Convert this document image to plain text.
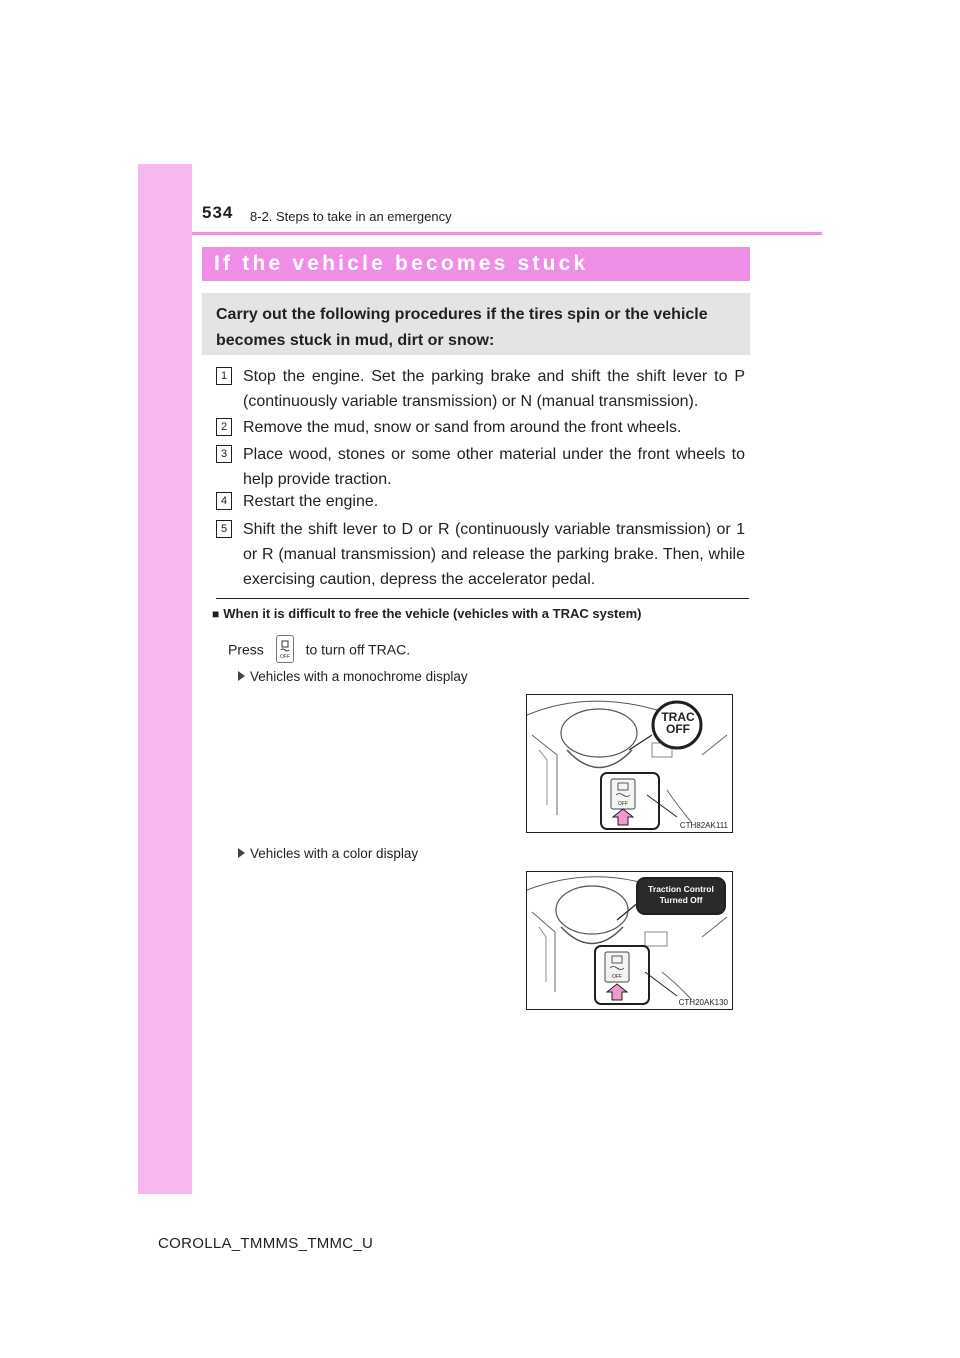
534 8-2. Steps to take in an emergency
If the vehicle becomes stuck
Carry out the following procedures if the tires spin or the vehicle becomes stuck in mud, dirt or snow:
1 Stop the engine. Set the parking brake and shift the shift lever to P (continuously variable transmission) or N (manual transmission).
2 Remove the mud, snow or sand from around the front wheels.
3 Place wood, stones or some other material under the front wheels to help provide traction.
4 Restart the engine.
5 Shift the shift lever to D or R (continuously variable transmission) or 1 or R (manual transmission) and release the parking brake. Then, while exercising caution, depress the accelerator pedal.
■ When it is difficult to free the vehicle (vehicles with a TRAC system)
Press	OFF to turn off TRAC.
Vehicles with a monochrome display
TRAC
OFF
OFF
CTH82AK111
Vehicles with a color display
Traction Control
Turned Off
OFF
CTH20AK130
COROLLA_TMMMS_TMMC_U
